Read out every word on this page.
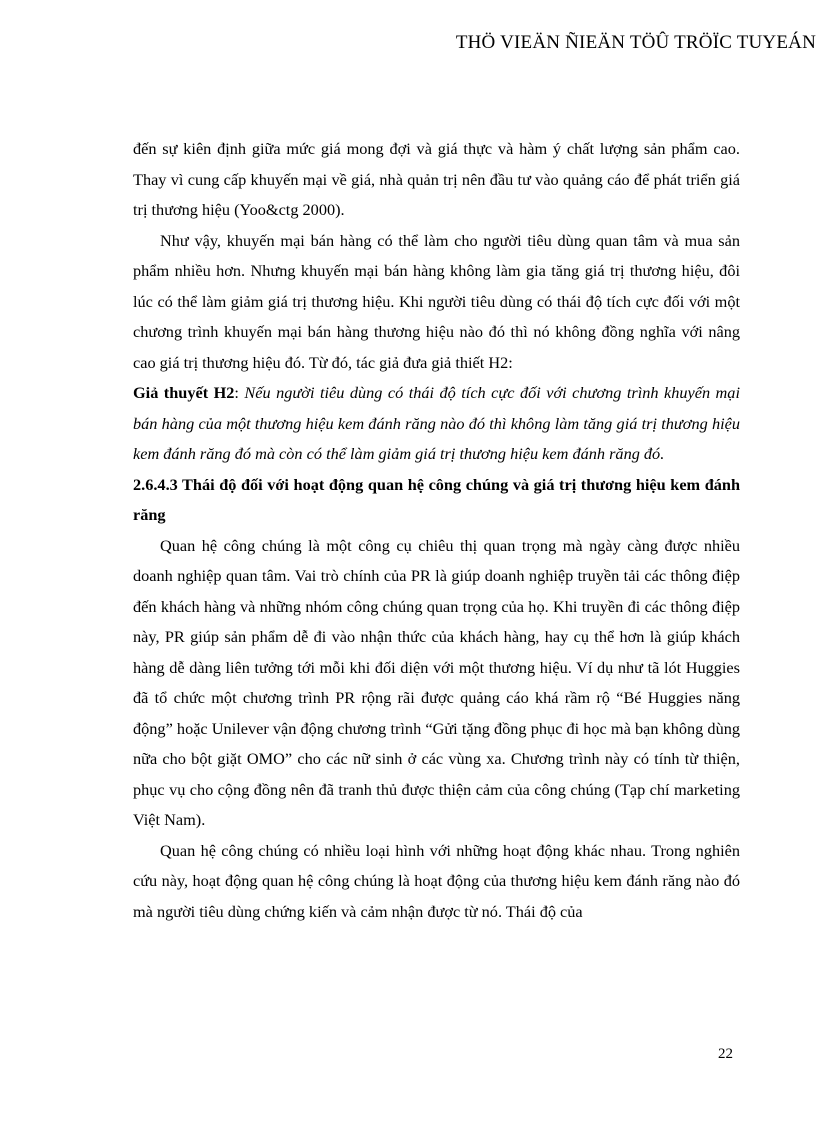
THÖ VIEÄN ÑIEÄN TÖÛ TRÖÏC TUYEÁN

đến sự kiên định giữa mức giá mong đợi và giá thực và hàm ý chất lượng sản phẩm cao. Thay vì cung cấp khuyến mại về giá, nhà quản trị nên đầu tư vào quảng cáo để phát triển giá trị thương hiệu (Yoo&ctg 2000).

Như vậy, khuyến mại bán hàng có thể làm cho người tiêu dùng quan tâm và mua sản phẩm nhiều hơn. Nhưng khuyến mại bán hàng không làm gia tăng giá trị thương hiệu, đôi lúc có thể làm giảm giá trị thương hiệu. Khi người tiêu dùng có thái độ tích cực đối với một chương trình khuyến mại bán hàng thương hiệu nào đó thì nó không đồng nghĩa với nâng cao giá trị thương hiệu đó. Từ đó, tác giả đưa giả thiết H2:

Giả thuyết H2: Nếu người tiêu dùng có thái độ tích cực đối với chương trình khuyến mại bán hàng của một thương hiệu kem đánh răng nào đó thì không làm tăng giá trị thương hiệu kem đánh răng đó mà còn có thể làm giảm giá trị thương hiệu kem đánh răng đó.

2.6.4.3 Thái độ đối với hoạt động quan hệ công chúng và giá trị thương hiệu kem đánh răng

Quan hệ công chúng là một công cụ chiêu thị quan trọng mà ngày càng được nhiều doanh nghiệp quan tâm. Vai trò chính của PR là giúp doanh nghiệp truyền tải các thông điệp đến khách hàng và những nhóm công chúng quan trọng của họ. Khi truyền đi các thông điệp này, PR giúp sản phẩm dễ đi vào nhận thức của khách hàng, hay cụ thể hơn là giúp khách hàng dễ dàng liên tưởng tới mỗi khi đối diện với một thương hiệu. Ví dụ như tã lót Huggies đã tổ chức một chương trình PR rộng rãi được quảng cáo khá rầm rộ “Bé Huggies năng động” hoặc Unilever vận động chương trình “Gửi tặng đồng phục đi học mà bạn không dùng nữa cho bột giặt OMO” cho các nữ sinh ở các vùng xa. Chương trình này có tính từ thiện, phục vụ cho cộng đồng nên đã tranh thủ được thiện cảm của công chúng (Tạp chí marketing Việt Nam).

Quan hệ công chúng có nhiều loại hình với những hoạt động khác nhau. Trong nghiên cứu này, hoạt động quan hệ công chúng là hoạt động của thương hiệu kem đánh răng nào đó mà người tiêu dùng chứng kiến và cảm nhận được từ nó. Thái độ của

22
